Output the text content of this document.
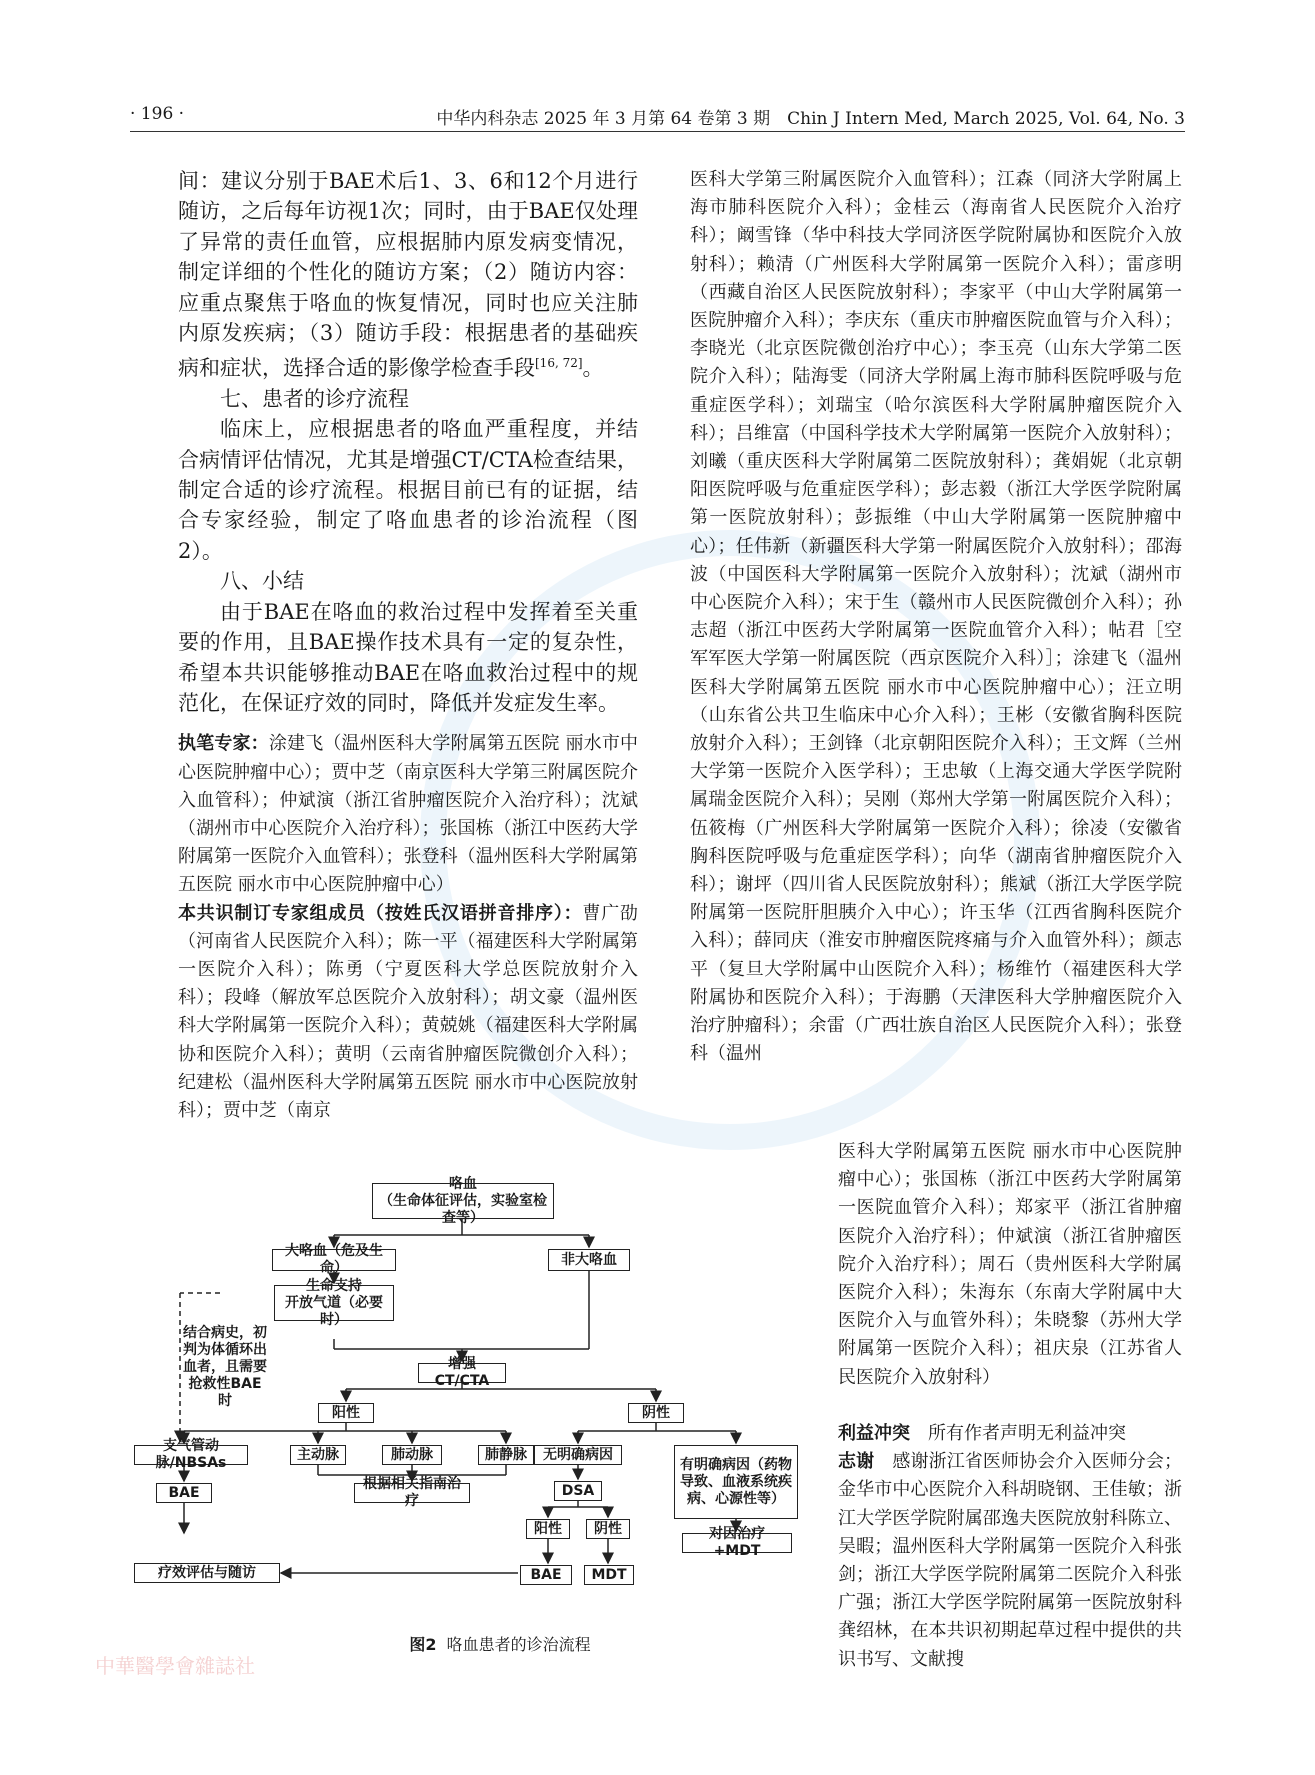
· 196 ·	中华内科杂志 2025 年 3 月第 64 卷第 3 期　Chin J Intern Med, March 2025, Vol. 64, No. 3

间：建议分别于BAE术后1、3、6和12个月进行随访，之后每年访视1次；同时，由于BAE仅处理了异常的责任血管，应根据肺内原发病变情况，制定详细的个性化的随访方案；（2）随访内容：应重点聚焦于咯血的恢复情况，同时也应关注肺内原发疾病；（3）随访手段：根据患者的基础疾病和症状，选择合适的影像学检查手段[16, 72]。

七、患者的诊疗流程

临床上，应根据患者的咯血严重程度，并结合病情评估情况，尤其是增强CT/CTA检查结果，制定合适的诊疗流程。根据目前已有的证据，结合专家经验，制定了咯血患者的诊治流程（图2）。

八、小结

由于BAE在咯血的救治过程中发挥着至关重要的作用，且BAE操作技术具有一定的复杂性，希望本共识能够推动BAE在咯血救治过程中的规范化，在保证疗效的同时，降低并发症发生率。

执笔专家：涂建飞（温州医科大学附属第五医院 丽水市中心医院肿瘤中心）；贾中芝（南京医科大学第三附属医院介入血管科）；仲斌演（浙江省肿瘤医院介入治疗科）；沈斌（湖州市中心医院介入治疗科）；张国栋（浙江中医药大学附属第一医院介入血管科）；张登科（温州医科大学附属第五医院 丽水市中心医院肿瘤中心）

本共识制订专家组成员（按姓氏汉语拼音排序）：曹广劭（河南省人民医院介入科）；陈一平（福建医科大学附属第一医院介入科）；陈勇（宁夏医科大学总医院放射介入科）；段峰（解放军总医院介入放射科）；胡文豪（温州医科大学附属第一医院介入科）；黄兢姚（福建医科大学附属协和医院介入科）；黄明（云南省肿瘤医院微创介入科）；纪建松（温州医科大学附属第五医院 丽水市中心医院放射科）；贾中芝（南京

医科大学第三附属医院介入血管科）；江森（同济大学附属上海市肺科医院介入科）；金桂云（海南省人民医院介入治疗科）；阚雪锋（华中科技大学同济医学院附属协和医院介入放射科）；赖清（广州医科大学附属第一医院介入科）；雷彦明（西藏自治区人民医院放射科）；李家平（中山大学附属第一医院肿瘤介入科）；李庆东（重庆市肿瘤医院血管与介入科）；李晓光（北京医院微创治疗中心）；李玉亮（山东大学第二医院介入科）；陆海雯（同济大学附属上海市肺科医院呼吸与危重症医学科）；刘瑞宝（哈尔滨医科大学附属肿瘤医院介入科）；吕维富（中国科学技术大学附属第一医院介入放射科）；刘曦（重庆医科大学附属第二医院放射科）；龚娟妮（北京朝阳医院呼吸与危重症医学科）；彭志毅（浙江大学医学院附属第一医院放射科）；彭振维（中山大学附属第一医院肿瘤中心）；任伟新（新疆医科大学第一附属医院介入放射科）；邵海波（中国医科大学附属第一医院介入放射科）；沈斌（湖州市中心医院介入科）；宋于生（赣州市人民医院微创介入科）；孙志超（浙江中医药大学附属第一医院血管介入科）；帖君［空军军医大学第一附属医院（西京医院介入科）］；涂建飞（温州医科大学附属第五医院 丽水市中心医院肿瘤中心）；汪立明（山东省公共卫生临床中心介入科）；王彬（安徽省胸科医院放射介入科）；王剑锋（北京朝阳医院介入科）；王文辉（兰州大学第一医院介入医学科）；王忠敏（上海交通大学医学院附属瑞金医院介入科）；吴刚（郑州大学第一附属医院介入科）；伍筱梅（广州医科大学附属第一医院介入科）；徐凌（安徽省胸科医院呼吸与危重症医学科）；向华（湖南省肿瘤医院介入科）；谢坪（四川省人民医院放射科）；熊斌（浙江大学医学院附属第一医院肝胆胰介入中心）；许玉华（江西省胸科医院介入科）；薛同庆（淮安市肿瘤医院疼痛与介入血管外科）；颜志平（复旦大学附属中山医院介入科）；杨维竹（福建医科大学附属协和医院介入科）；于海鹏（天津医科大学肿瘤医院介入治疗肿瘤科）；余雷（广西壮族自治区人民医院介入科）；张登科（温州

医科大学附属第五医院 丽水市中心医院肿瘤中心）；张国栋（浙江中医药大学附属第一医院血管介入科）；郑家平（浙江省肿瘤医院介入治疗科）；仲斌演（浙江省肿瘤医院介入治疗科）；周石（贵州医科大学附属医院介入科）；朱海东（东南大学附属中大医院介入与血管外科）；朱晓黎（苏州大学附属第一医院介入科）；祖庆泉（江苏省人民医院介入放射科）

利益冲突　 所有作者声明无利益冲突

志谢　 感谢浙江省医师协会介入医师分会；金华市中心医院介入科胡晓钢、王佳敏；浙江大学医学院附属邵逸夫医院放射科陈立、吴暇；温州医科大学附属第一医院介入科张剑；浙江大学医学院附属第二医院介入科张广强；浙江大学医学院附属第一医院放射科龚绍林，在本共识初期起草过程中提供的共识书写、文献搜

咯血
（生命体征评估，实验室检查等）
大咯血（危及生命）
非大咯血
生命支持
开放气道（必要时）
结合病史，初判为体循环出血者，且需要抢救性BAE时
增强CT/CTA
阳性	阴性
支气管动脉/NBSAs
主动脉	肺动脉	肺静脉
BAE
根据相关指南治疗
疗效评估与随访
无明确病因
有明确病因（药物导致、血液系统疾病、心源性等）
DSA
阳性	阴性
BAE	MDT
对因治疗+MDT
图2 咯血患者的诊治流程
中華醫學會雜誌社
